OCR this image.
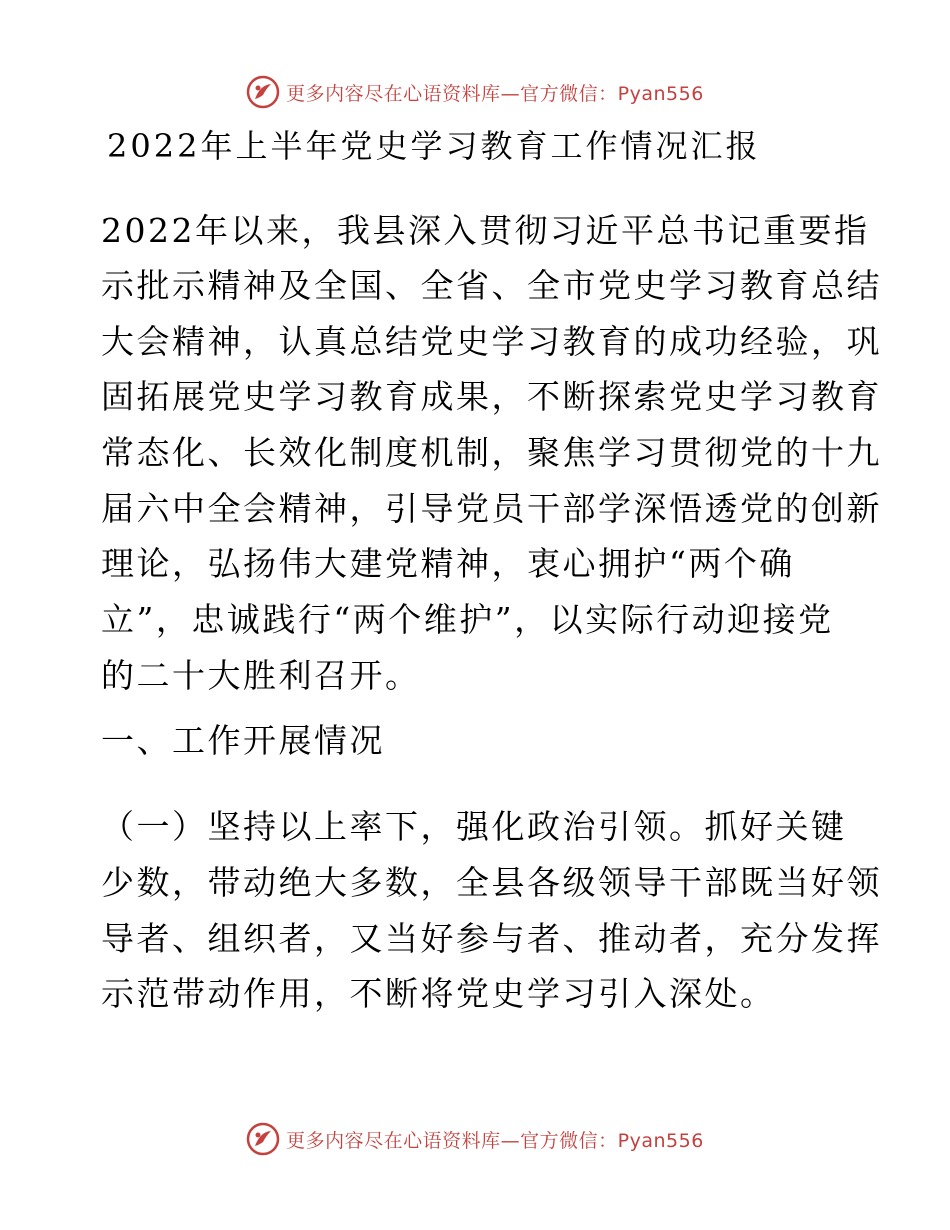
更多内容尽在心语资料库—官方微信：Pyan556
2022年上半年党史学习教育工作情况汇报

2022年以来，我县深入贯彻习近平总书记重要指

示批示精神及全国、全省、全市党史学习教育总结

大会精神，认真总结党史学习教育的成功经验，巩

固拓展党史学习教育成果，不断探索党史学习教育

常态化、长效化制度机制，聚焦学习贯彻党的十九

届六中全会精神，引导党员干部学深悟透党的创新

理论，弘扬伟大建党精神，衷心拥护“两个确

立”，忠诚践行“两个维护”，以实际行动迎接党

的二十大胜利召开。

一、工作开展情况

（一）坚持以上率下，强化政治引领。抓好关键

少数，带动绝大多数，全县各级领导干部既当好领

导者、组织者，又当好参与者、推动者，充分发挥

示范带动作用，不断将党史学习引入深处。

更多内容尽在心语资料库—官方微信：Pyan556
